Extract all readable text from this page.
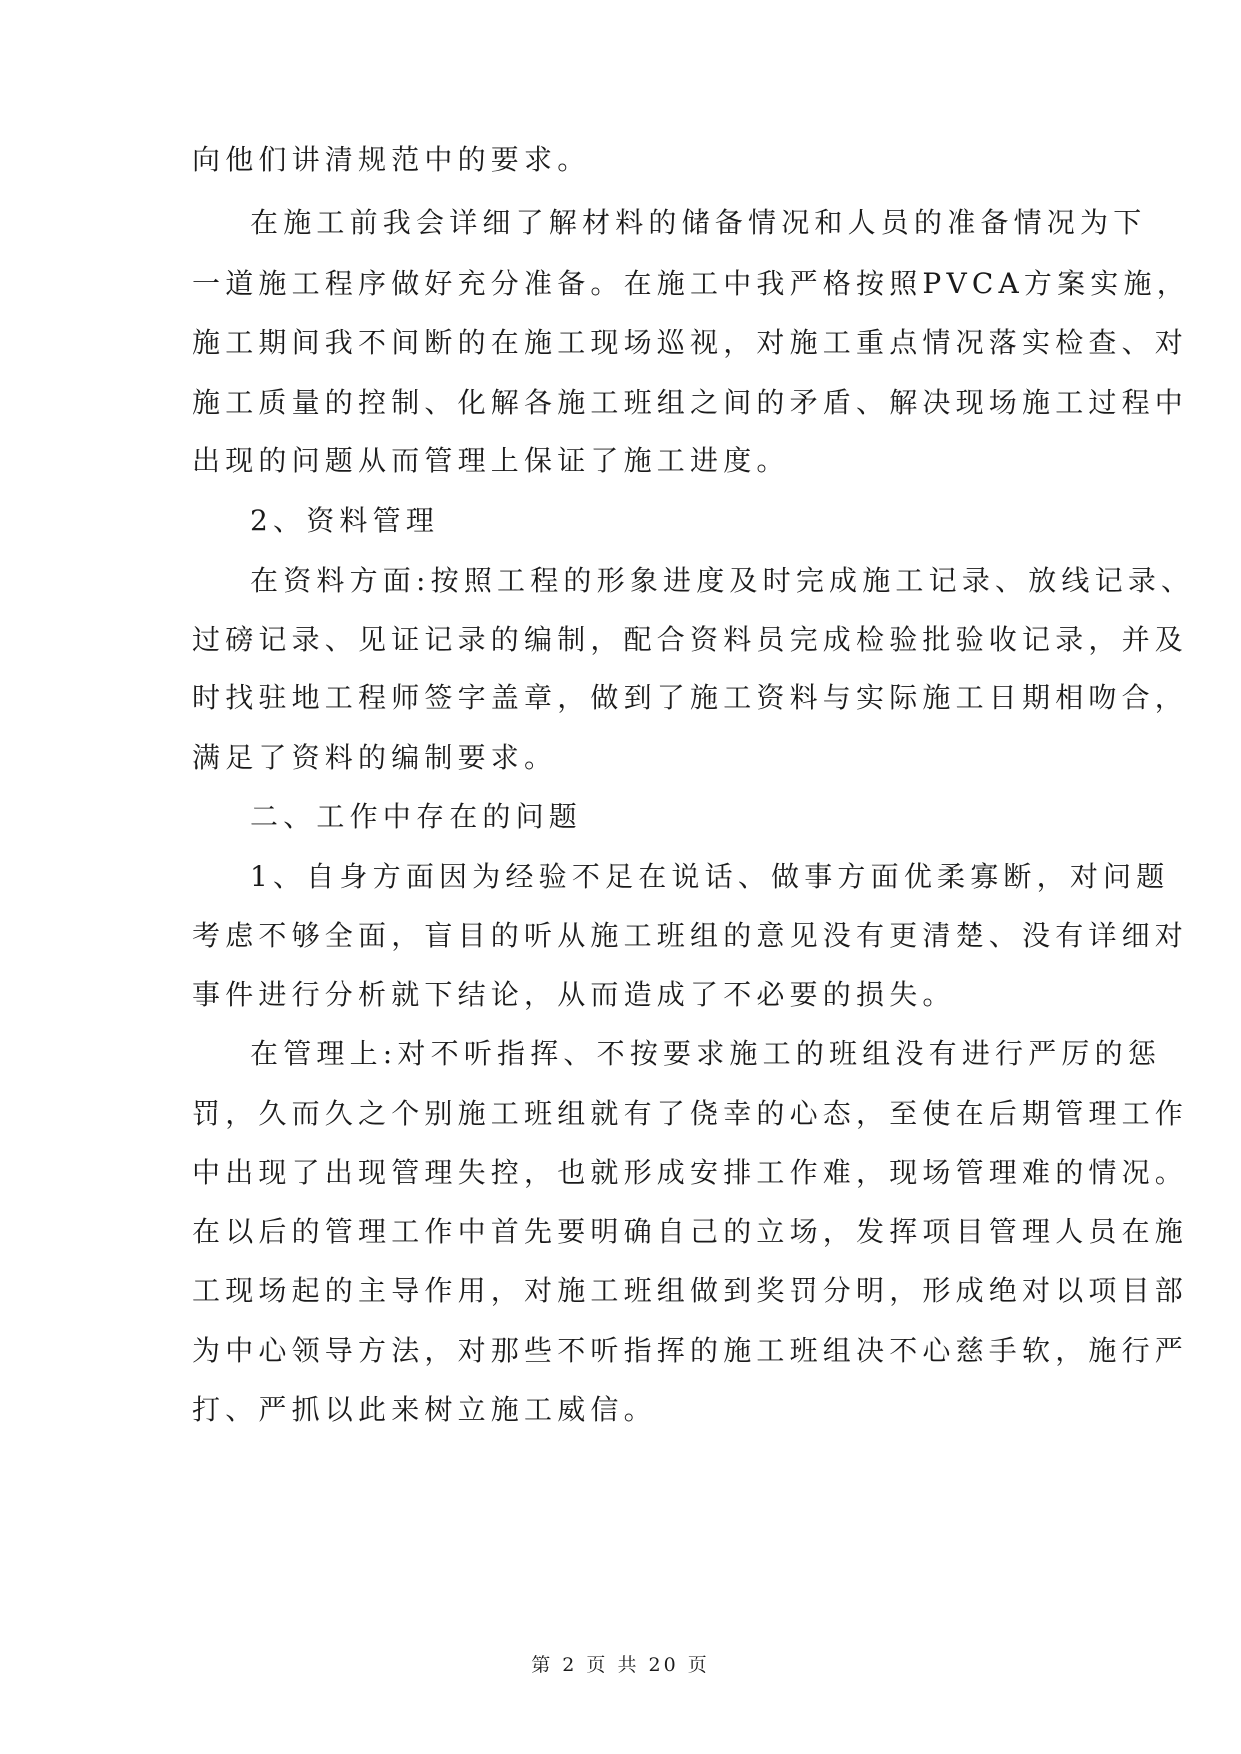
向他们讲清规范中的要求。
在施工前我会详细了解材料的储备情况和人员的准备情况为下
一道施工程序做好充分准备。在施工中我严格按照PVCA方案实施，
施工期间我不间断的在施工现场巡视，对施工重点情况落实检查、对
施工质量的控制、化解各施工班组之间的矛盾、解决现场施工过程中
出现的问题从而管理上保证了施工进度。
2、资料管理
在资料方面:按照工程的形象进度及时完成施工记录、放线记录、
过磅记录、见证记录的编制，配合资料员完成检验批验收记录，并及
时找驻地工程师签字盖章，做到了施工资料与实际施工日期相吻合，
满足了资料的编制要求。
二、工作中存在的问题
1、自身方面因为经验不足在说话、做事方面优柔寡断，对问题
考虑不够全面，盲目的听从施工班组的意见没有更清楚、没有详细对
事件进行分析就下结论，从而造成了不必要的损失。
在管理上:对不听指挥、不按要求施工的班组没有进行严厉的惩
罚，久而久之个别施工班组就有了侥幸的心态，至使在后期管理工作
中出现了出现管理失控，也就形成安排工作难，现场管理难的情况。
在以后的管理工作中首先要明确自己的立场，发挥项目管理人员在施
工现场起的主导作用，对施工班组做到奖罚分明，形成绝对以项目部
为中心领导方法，对那些不听指挥的施工班组决不心慈手软，施行严
打、严抓以此来树立施工威信。
第 2 页 共 20 页
